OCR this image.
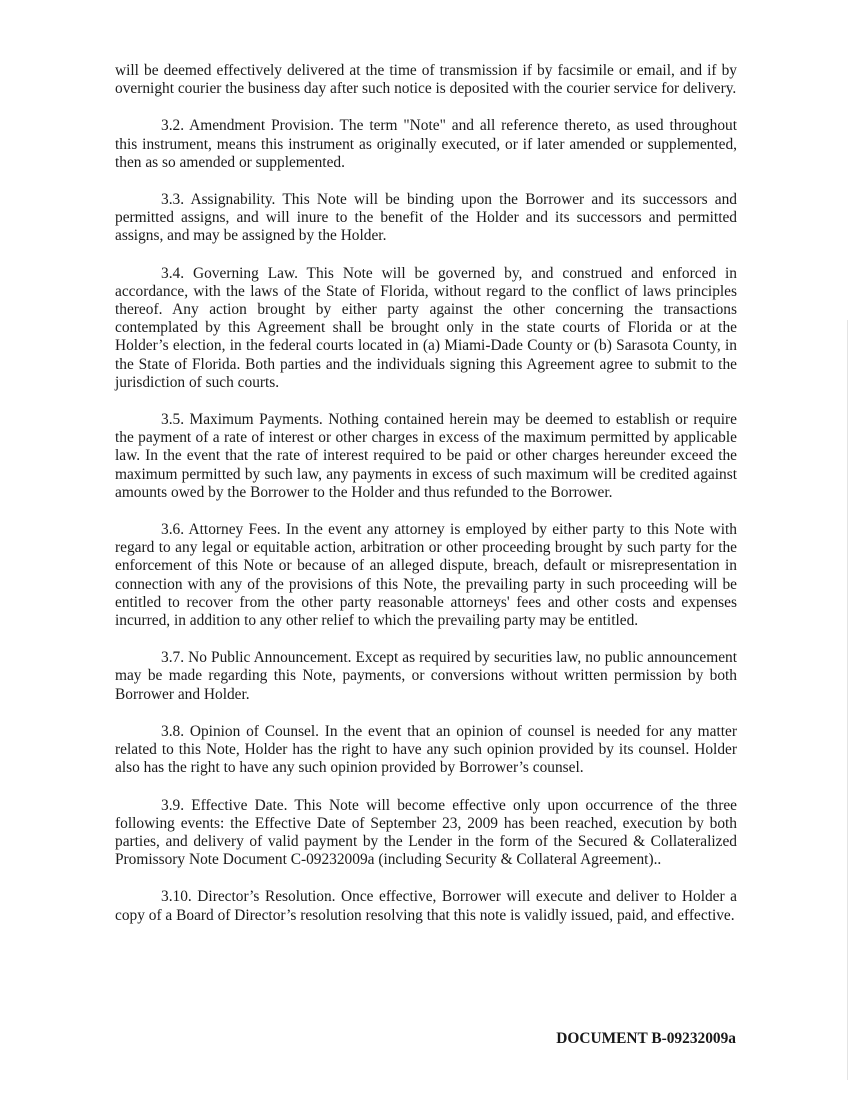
will be deemed effectively delivered at the time of transmission if by facsimile or email, and if by overnight courier the business day after such notice is deposited with the courier service for delivery.

3.2. Amendment Provision. The term "Note" and all reference thereto, as used throughout this instrument, means this instrument as originally executed, or if later amended or supplemented, then as so amended or supplemented.

3.3. Assignability. This Note will be binding upon the Borrower and its successors and permitted assigns, and will inure to the benefit of the Holder and its successors and permitted assigns, and may be assigned by the Holder.

3.4. Governing Law. This Note will be governed by, and construed and enforced in accordance, with the laws of the State of Florida, without regard to the conflict of laws principles thereof. Any action brought by either party against the other concerning the transactions contemplated by this Agreement shall be brought only in the state courts of Florida or at the Holder’s election, in the federal courts located in (a) Miami-Dade County or (b) Sarasota County, in the State of Florida. Both parties and the individuals signing this Agreement agree to submit to the jurisdiction of such courts.

3.5. Maximum Payments. Nothing contained herein may be deemed to establish or require the payment of a rate of interest or other charges in excess of the maximum permitted by applicable law. In the event that the rate of interest required to be paid or other charges hereunder exceed the maximum permitted by such law, any payments in excess of such maximum will be credited against amounts owed by the Borrower to the Holder and thus refunded to the Borrower.

3.6. Attorney Fees. In the event any attorney is employed by either party to this Note with regard to any legal or equitable action, arbitration or other proceeding brought by such party for the enforcement of this Note or because of an alleged dispute, breach, default or misrepresentation in connection with any of the provisions of this Note, the prevailing party in such proceeding will be entitled to recover from the other party reasonable attorneys' fees and other costs and expenses incurred, in addition to any other relief to which the prevailing party may be entitled.

3.7. No Public Announcement. Except as required by securities law, no public announcement may be made regarding this Note, payments, or conversions without written permission by both Borrower and Holder.

3.8. Opinion of Counsel. In the event that an opinion of counsel is needed for any matter related to this Note, Holder has the right to have any such opinion provided by its counsel. Holder also has the right to have any such opinion provided by Borrower’s counsel.

3.9. Effective Date. This Note will become effective only upon occurrence of the three following events: the Effective Date of September 23, 2009 has been reached, execution by both parties, and delivery of valid payment by the Lender in the form of the Secured & Collateralized Promissory Note Document C-09232009a (including Security & Collateral Agreement)..

3.10. Director’s Resolution. Once effective, Borrower will execute and deliver to Holder a copy of a Board of Director’s resolution resolving that this note is validly issued, paid, and effective.

DOCUMENT B-09232009a
